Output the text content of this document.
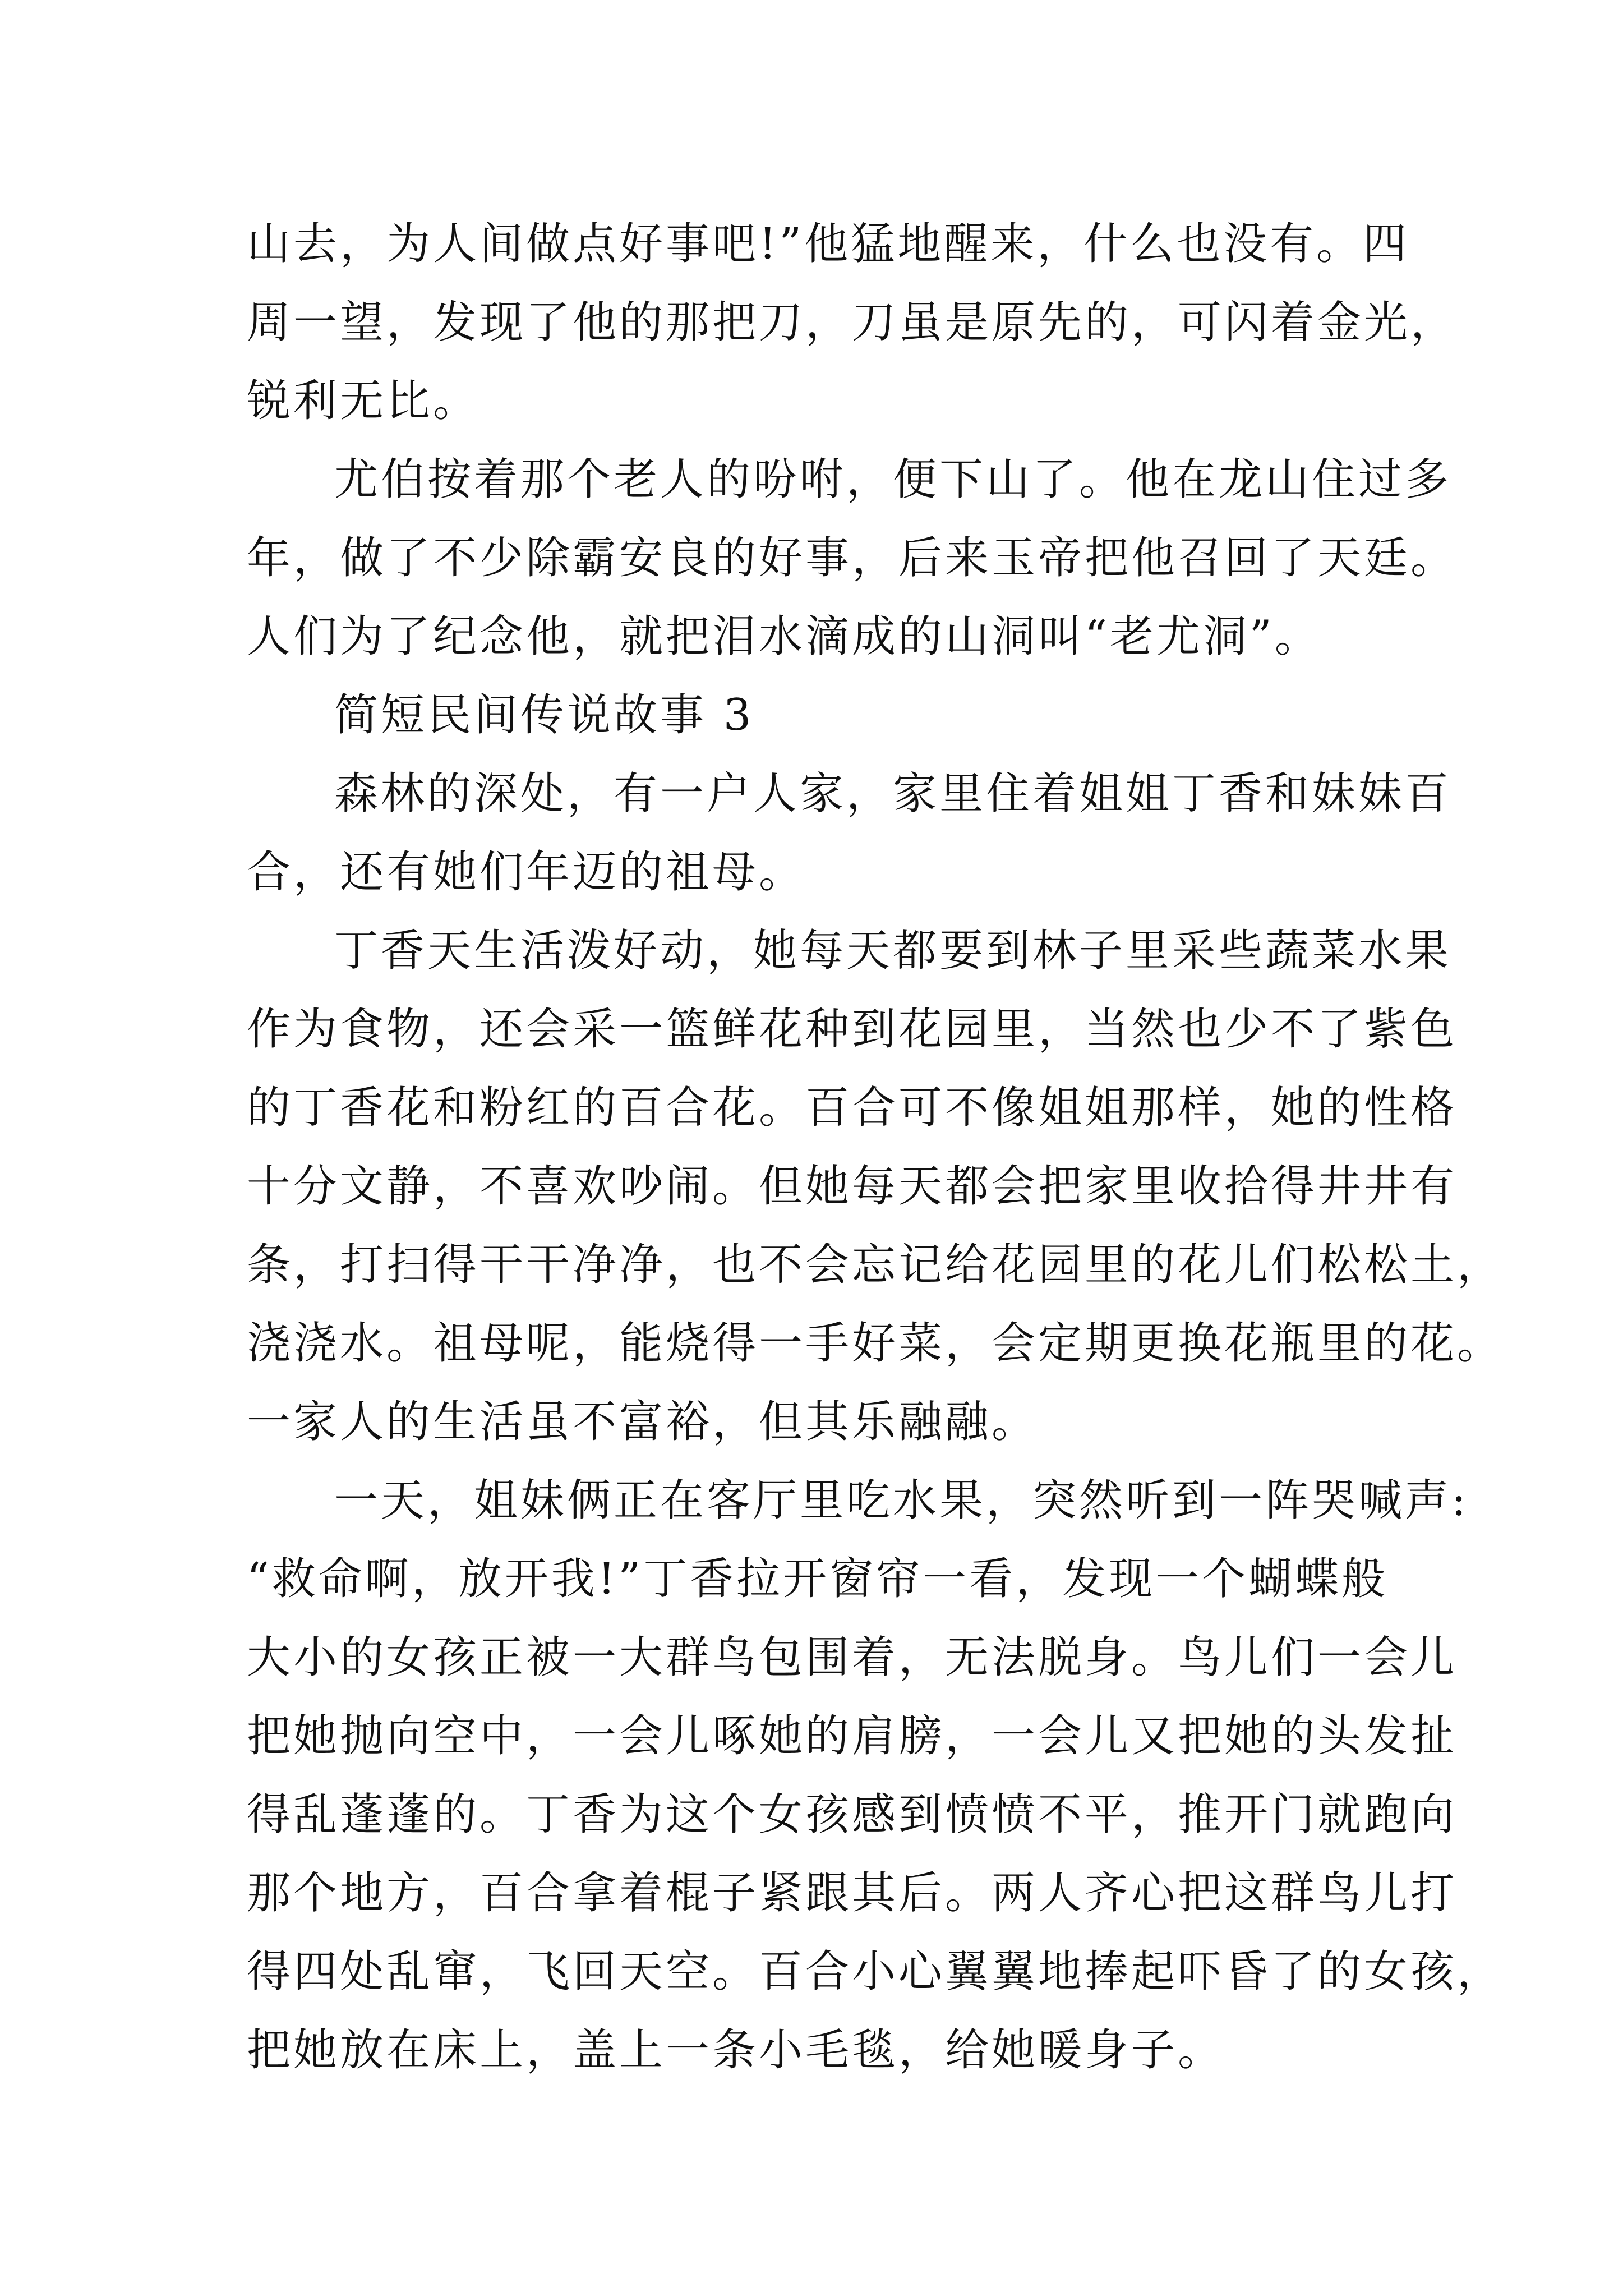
山去，为人间做点好事吧!”他猛地醒来，什么也没有。四
周一望，发现了他的那把刀，刀虽是原先的，可闪着金光，
锐利无比。
尤伯按着那个老人的吩咐，便下山了。他在龙山住过多
年，做了不少除霸安良的好事，后来玉帝把他召回了天廷。
人们为了纪念他，就把泪水滴成的山洞叫“老尤洞”。
简短民间传说故事 3
森林的深处，有一户人家，家里住着姐姐丁香和妹妹百
合，还有她们年迈的祖母。
丁香天生活泼好动，她每天都要到林子里采些蔬菜水果
作为食物，还会采一篮鲜花种到花园里，当然也少不了紫色
的丁香花和粉红的百合花。百合可不像姐姐那样，她的性格
十分文静，不喜欢吵闹。但她每天都会把家里收拾得井井有
条，打扫得干干净净，也不会忘记给花园里的花儿们松松土，
浇浇水。祖母呢，能烧得一手好菜，会定期更换花瓶里的花。
一家人的生活虽不富裕，但其乐融融。
一天，姐妹俩正在客厅里吃水果，突然听到一阵哭喊声:
“救命啊，放开我!”丁香拉开窗帘一看，发现一个蝴蝶般
大小的女孩正被一大群鸟包围着，无法脱身。鸟儿们一会儿
把她抛向空中，一会儿啄她的肩膀，一会儿又把她的头发扯
得乱蓬蓬的。丁香为这个女孩感到愤愤不平，推开门就跑向
那个地方，百合拿着棍子紧跟其后。两人齐心把这群鸟儿打
得四处乱窜，飞回天空。百合小心翼翼地捧起吓昏了的女孩，
把她放在床上，盖上一条小毛毯，给她暖身子。
